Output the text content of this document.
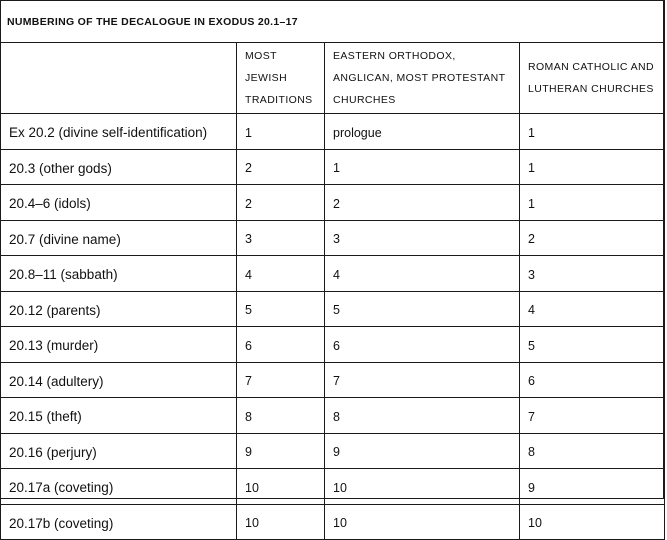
NUMBERING OF THE DECALOGUE IN EXODUS 20.1–17			
	MOST JEWISH TRADITIONS	EASTERN ORTHODOX, ANGLICAN, MOST PROTESTANT CHURCHES	ROMAN CATHOLIC AND LUTHERAN CHURCHES
Ex 20.2 (divine self-identification)	1	prologue	1
20.3 (other gods)	2	1	1
20.4–6 (idols)	2	2	1
20.7 (divine name)	3	3	2
20.8–11 (sabbath)	4	4	3
20.12 (parents)	5	5	4
20.13 (murder)	6	6	5
20.14 (adultery)	7	7	6
20.15 (theft)	8	8	7
20.16 (perjury)	9	9	8
20.17a (coveting)	10	10	9
20.17b (coveting)	10	10	10
